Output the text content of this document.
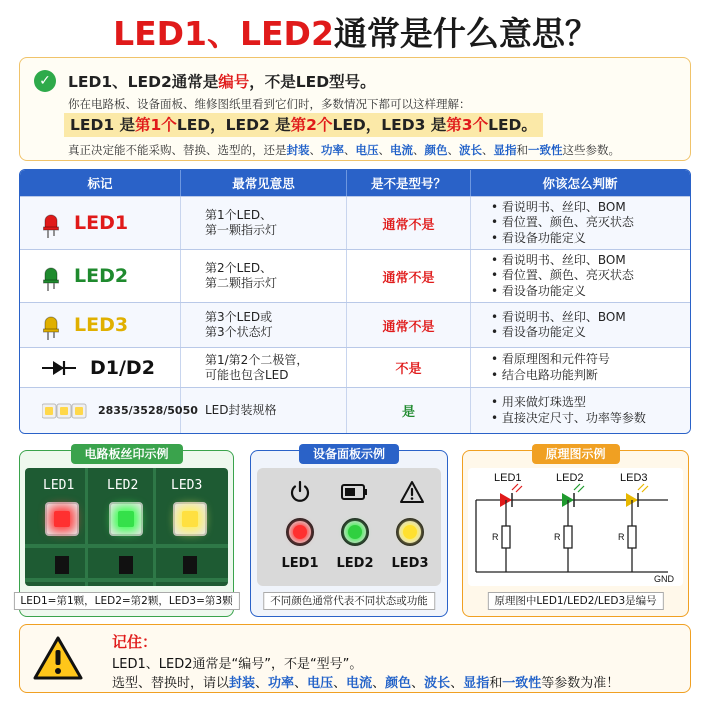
LED1、LED2通常是什么意思？
✓	LED1、LED2通常是编号，不是LED型号。
你在电路板、设备面板、维修图纸里看到它们时，多数情况下都可以这样理解：
LED1 是第1个LED，LED2 是第2个LED，LED3 是第3个LED。
真正决定能不能采购、替换、选型的，还是封装、功率、电压、电流、颜色、波长、显指和一致性这些参数。
标记	最常见意思	是不是型号？	你该怎么判断
LED1	第1个LED、
第一颗指示灯	通常不是
• 看说明书、丝印、BOM
• 看位置、颜色、亮灭状态
• 看设备功能定义
LED2	第2个LED、
第二颗指示灯	通常不是
• 看说明书、丝印、BOM
• 看位置、颜色、亮灭状态
• 看设备功能定义
LED3	第3个LED或
第3个状态灯	通常不是
• 看说明书、丝印、BOM
• 看设备功能定义
D1/D2	第1/第2个二极管，
可能也包含LED	不是
• 看原理图和元件符号
• 结合电路功能判断
2835/3528/5050 LED封装规格	是
• 用来做灯珠选型
• 直接决定尺寸、功率等参数
电路板丝印示例
LED1	LED2	LED3
LED1=第1颗，LED2=第2颗，LED3=第3颗
设备面板示例
LED1	LED2	LED3
不同颜色通常代表不同状态或功能
原理图示例
LED1	LED2	LED3
R	R	R
GND
原理图中LED1/LED2/LED3是编号
记住：
LED1、LED2通常是“编号”，不是“型号”。
选型、替换时，请以封装、功率、电压、电流、颜色、波长、显指和一致性等参数为准！
